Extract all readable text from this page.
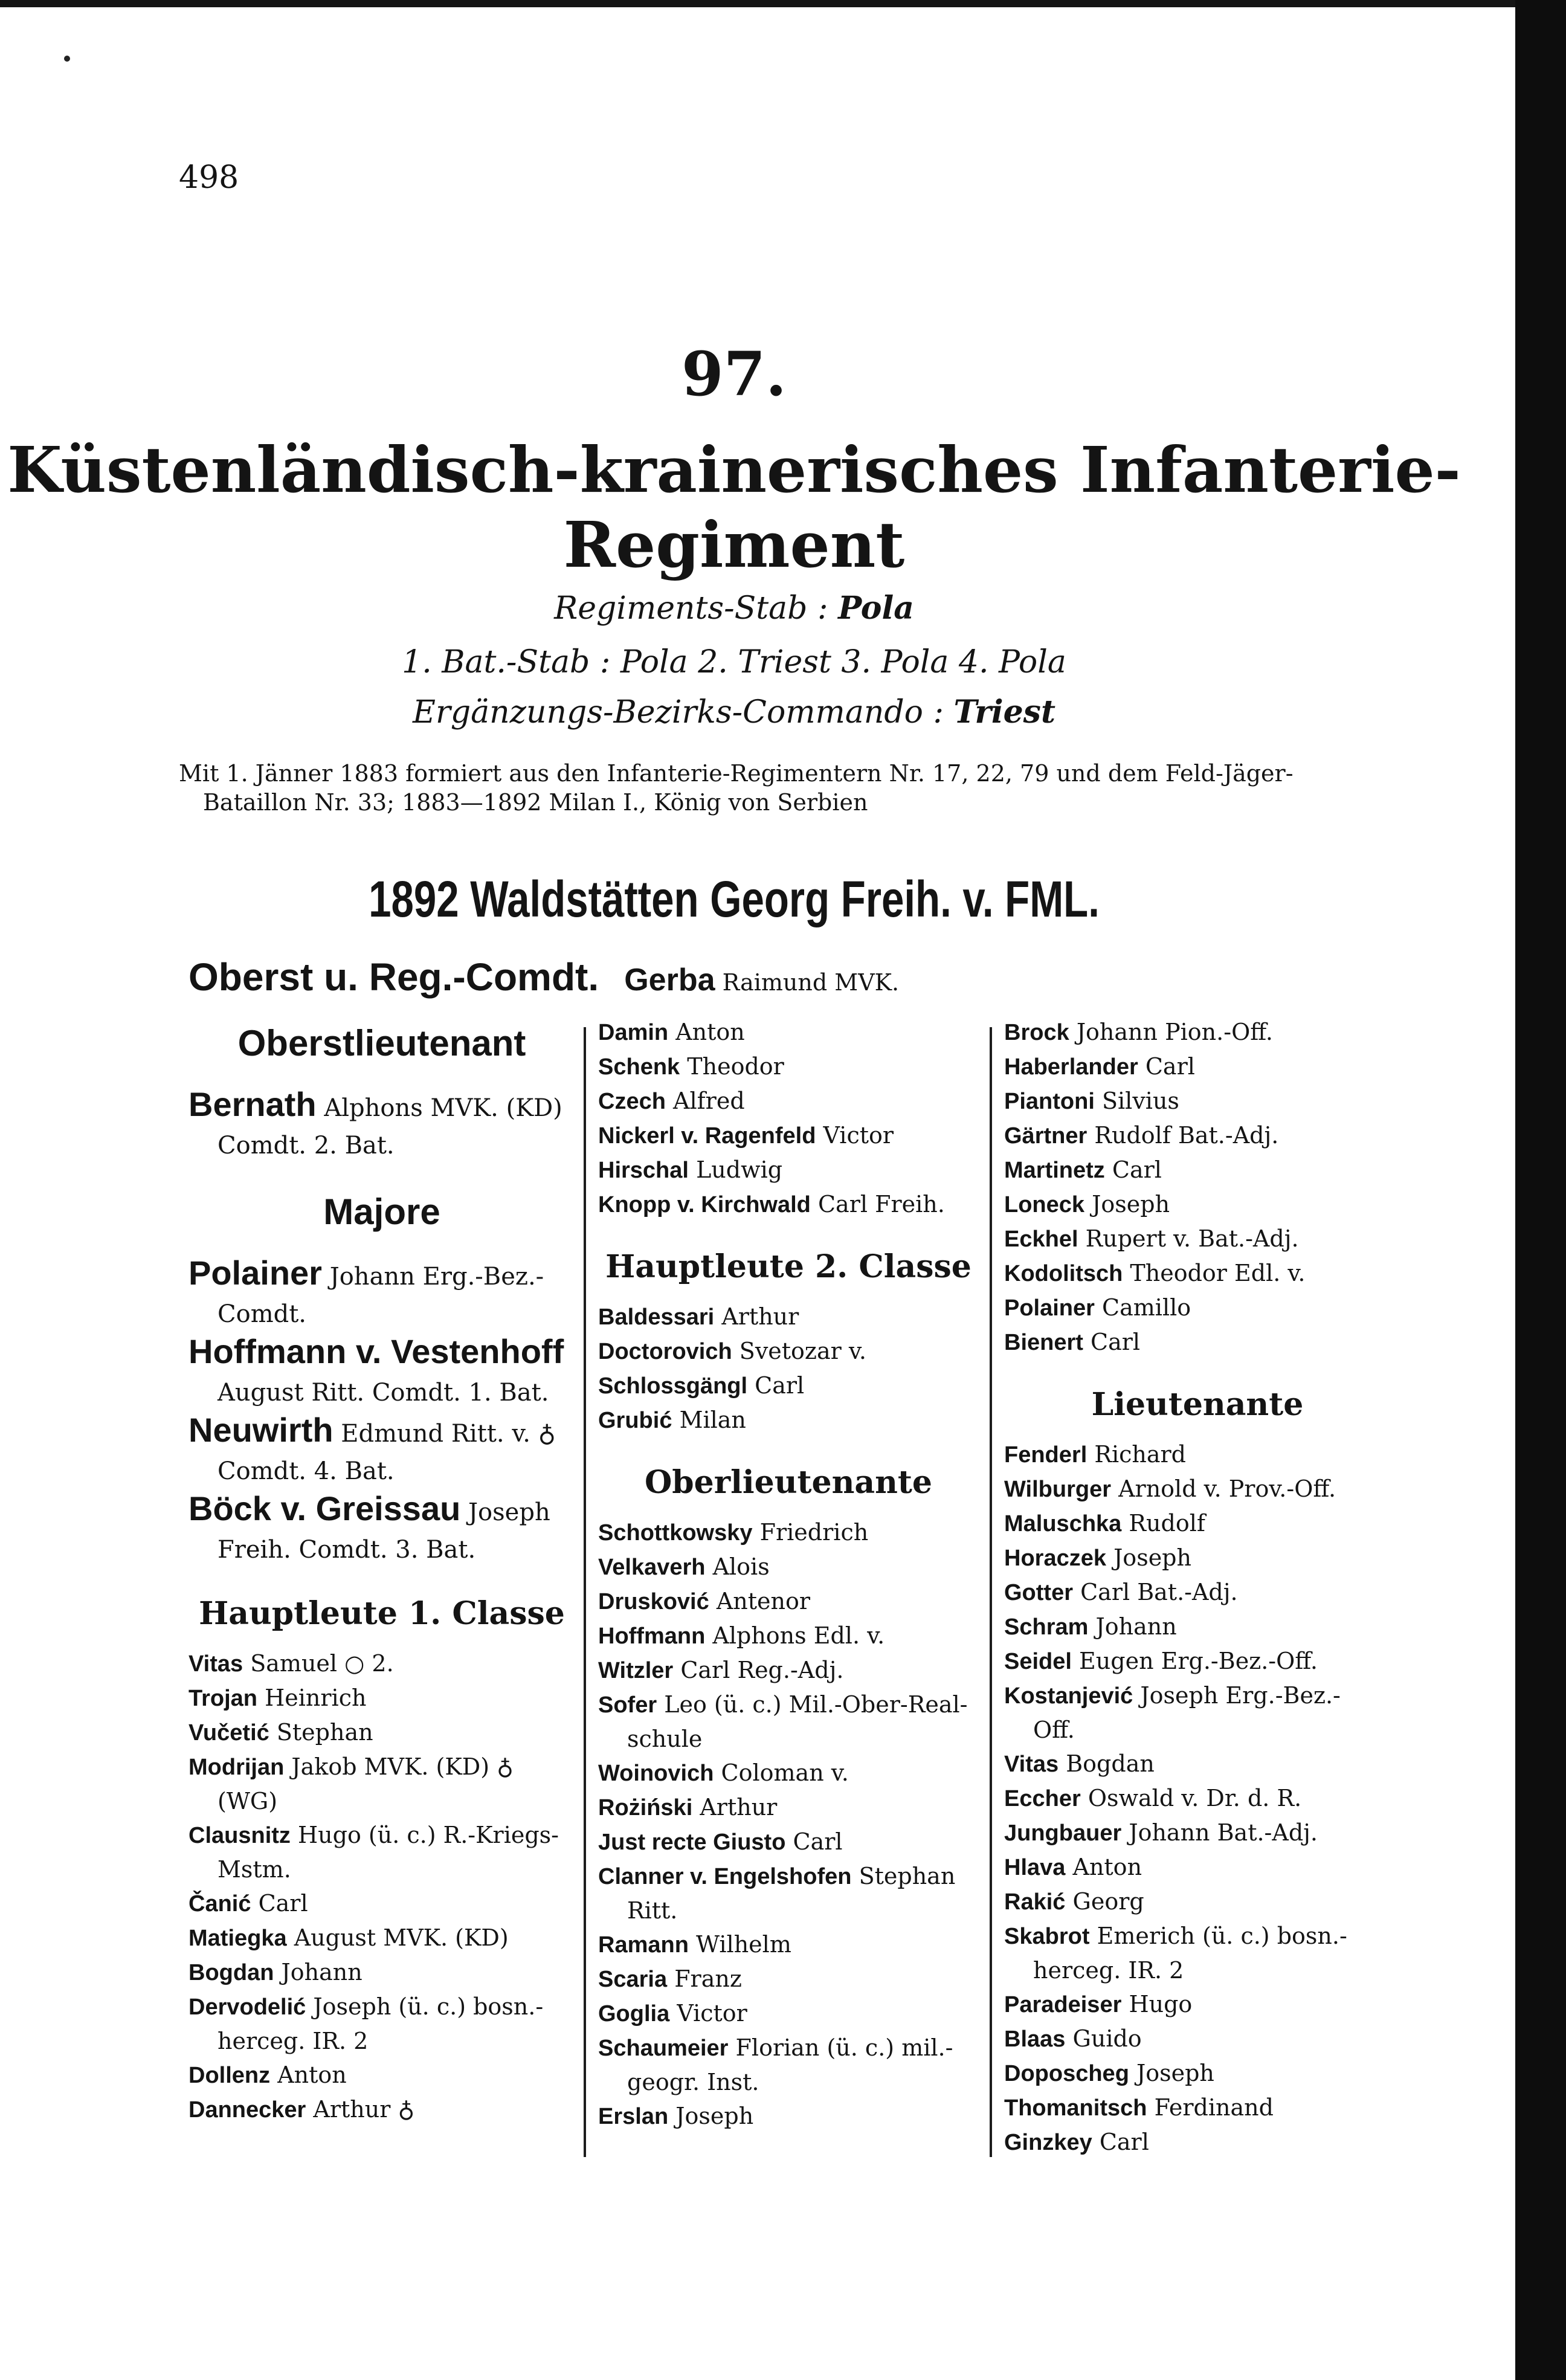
498
97.
Küstenländisch-krainerisches Infanterie-
Regiment
Regiments-Stab : Pola
1. Bat.-Stab : Pola 2. Triest 3. Pola 4. Pola
Ergänzungs-Bezirks-Commando : Triest
Mit 1. Jänner 1883 formiert aus den Infanterie-Regimentern Nr. 17, 22, 79 und dem Feld-Jäger-
Bataillon Nr. 33; 1883—1892 Milan I., König von Serbien
1892 Waldstätten Georg Freih. v. FML.
Oberst u. Reg.-Comdt. Gerba Raimund MVK.
Oberstlieutenant
Bernath Alphons MVK. (KD)
Comdt. 2. Bat.
Majore
Polainer Johann Erg.-Bez.-
Comdt.
Hoffmann v. Vestenhoff
August Ritt. Comdt. 1. Bat.
Neuwirth Edmund Ritt. v. ♁
Comdt. 4. Bat.
Böck v. Greissau Joseph
Freih. Comdt. 3. Bat.
Hauptleute 1. Classe
Vitas Samuel ○ 2.
Trojan Heinrich
Vučetić Stephan
Modrijan Jakob MVK. (KD) ♁
(WG)
Clausnitz Hugo (ü. c.) R.-Kriegs-
Mstm.
Čanić Carl
Matiegka August MVK. (KD)
Bogdan Johann
Dervodelić Joseph (ü. c.) bosn.-
herceg. IR. 2
Dollenz Anton
Dannecker Arthur ♁
Damin Anton
Schenk Theodor
Czech Alfred
Nickerl v. Ragenfeld Victor
Hirschal Ludwig
Knopp v. Kirchwald Carl Freih.
Hauptleute 2. Classe
Baldessari Arthur
Doctorovich Svetozar v.
Schlossgängl Carl
Grubić Milan
Oberlieutenante
Schottkowsky Friedrich
Velkaverh Alois
Drusković Antenor
Hoffmann Alphons Edl. v.
Witzler Carl Reg.-Adj.
Sofer Leo (ü. c.) Mil.-Ober-Real-
schule
Woinovich Coloman v.
Rożiński Arthur
Just recte Giusto Carl
Clanner v. Engelshofen Stephan
Ritt.
Ramann Wilhelm
Scaria Franz
Goglia Victor
Schaumeier Florian (ü. c.) mil.-
geogr. Inst.
Erslan Joseph
Brock Johann Pion.-Off.
Haberlander Carl
Piantoni Silvius
Gärtner Rudolf Bat.-Adj.
Martinetz Carl
Loneck Joseph
Eckhel Rupert v. Bat.-Adj.
Kodolitsch Theodor Edl. v.
Polainer Camillo
Bienert Carl
Lieutenante
Fenderl Richard
Wilburger Arnold v. Prov.-Off.
Maluschka Rudolf
Horaczek Joseph
Gotter Carl Bat.-Adj.
Schram Johann
Seidel Eugen Erg.-Bez.-Off.
Kostanjević Joseph Erg.-Bez.-
Off.
Vitas Bogdan
Eccher Oswald v. Dr. d. R.
Jungbauer Johann Bat.-Adj.
Hlava Anton
Rakić Georg
Skabrot Emerich (ü. c.) bosn.-
herceg. IR. 2
Paradeiser Hugo
Blaas Guido
Doposcheg Joseph
Thomanitsch Ferdinand
Ginzkey Carl
